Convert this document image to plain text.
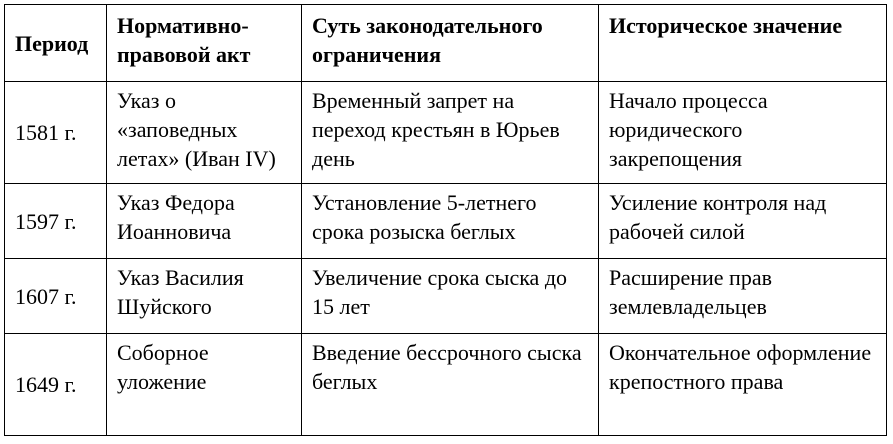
Период	Нормативно-правовой акт	Суть законодательного ограничения	Историческое значение
1581 г.	Указ о «заповедных летах» (Иван IV)	Временный запрет на переход крестьян в Юрьев день	Начало процесса юридического закрепощения
1597 г.	Указ Федора Иоанновича	Установление 5-летнего срока розыска беглых	Усиление контроля над рабочей силой
1607 г.	Указ Василия Шуйского	Увеличение срока сыска до 15 лет	Расширение прав землевладельцев
1649 г.	Соборное уложение	Введение бессрочного сыска беглых	Окончательное оформление крепостного права
